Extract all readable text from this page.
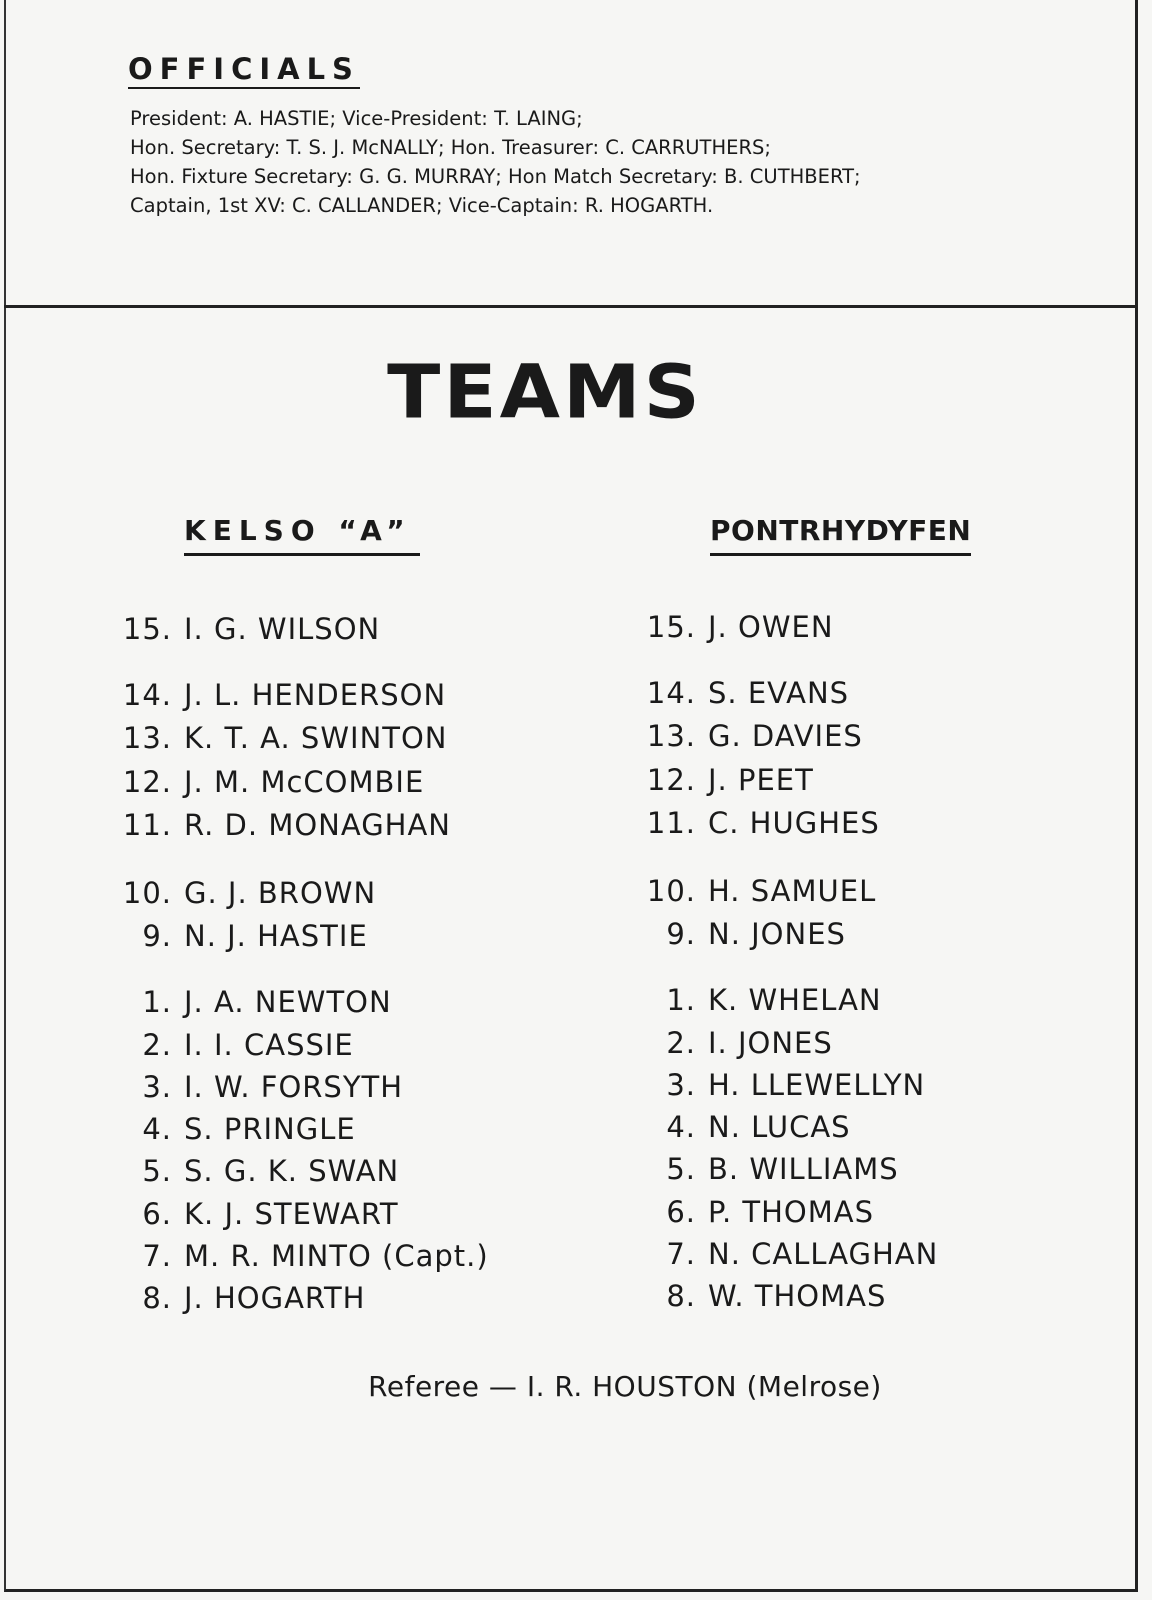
OFFICIALS
President: A. HASTIE; Vice-President: T. LAING;
Hon. Secretary: T. S. J. McNALLY; Hon. Treasurer: C. CARRUTHERS;
Hon. Fixture Secretary: G. G. MURRAY; Hon Match Secretary: B. CUTHBERT;
Captain, 1st XV: C. CALLANDER; Vice-Captain: R. HOGARTH.
TEAMS
KELSO “A”	PONTRHYDYFEN
15. I. G. WILSON
14. J. L. HENDERSON
13. K. T. A. SWINTON
12. J. M. McCOMBIE
11. R. D. MONAGHAN
10. G. J. BROWN
9. N. J. HASTIE
1. J. A. NEWTON
2. I. I. CASSIE
3. I. W. FORSYTH
4. S. PRINGLE
5. S. G. K. SWAN
6. K. J. STEWART
7. M. R. MINTO (Capt.)
8. J. HOGARTH
15. J. OWEN
14. S. EVANS
13. G. DAVIES
12. J. PEET
11. C. HUGHES
10. H. SAMUEL
9. N. JONES
1. K. WHELAN
2. I. JONES
3. H. LLEWELLYN
4. N. LUCAS
5. B. WILLIAMS
6. P. THOMAS
7. N. CALLAGHAN
8. W. THOMAS

Referee — I. R. HOUSTON (Melrose)
